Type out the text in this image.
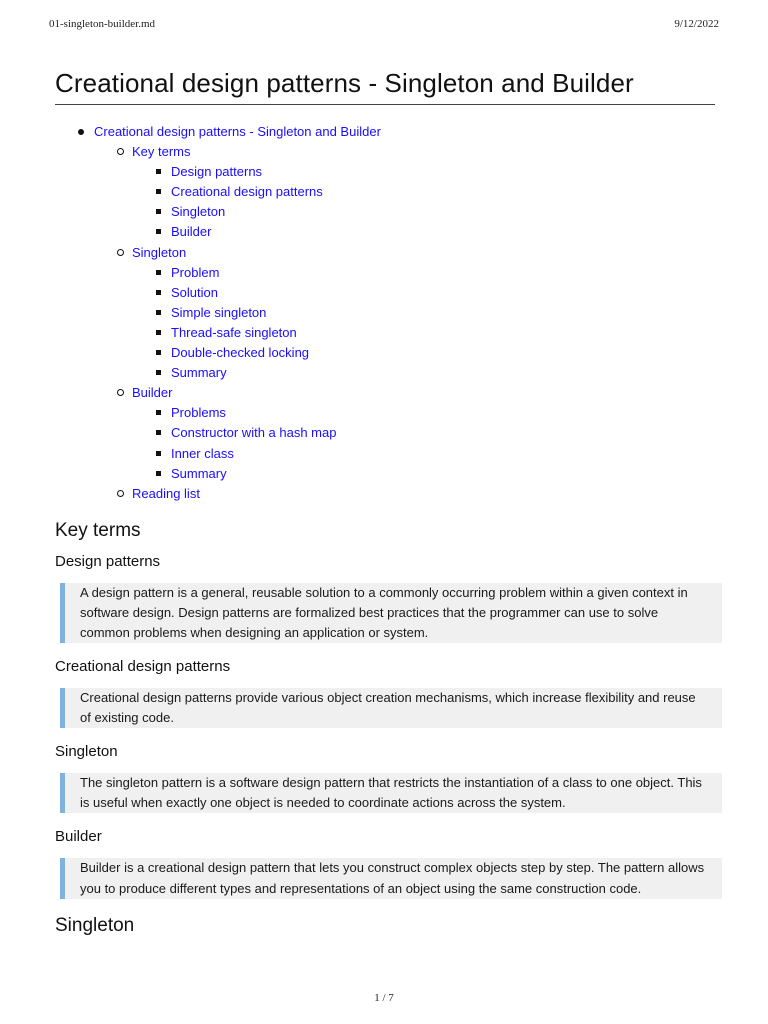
01-singleton-builder.md	9/12/2022
Creational design patterns - Singleton and Builder
Creational design patterns - Singleton and Builder
Key terms
Design patterns
Creational design patterns
Singleton
Builder
Singleton
Problem
Solution
Simple singleton
Thread-safe singleton
Double-checked locking
Summary
Builder
Problems
Constructor with a hash map
Inner class
Summary
Reading list
Key terms
Design patterns
A design pattern is a general, reusable solution to a commonly occurring problem within a given context in software design. Design patterns are formalized best practices that the programmer can use to solve common problems when designing an application or system.
Creational design patterns
Creational design patterns provide various object creation mechanisms, which increase flexibility and reuse of existing code.
Singleton
The singleton pattern is a software design pattern that restricts the instantiation of a class to one object. This is useful when exactly one object is needed to coordinate actions across the system.
Builder
Builder is a creational design pattern that lets you construct complex objects step by step. The pattern allows you to produce different types and representations of an object using the same construction code.
Singleton
1 / 7
